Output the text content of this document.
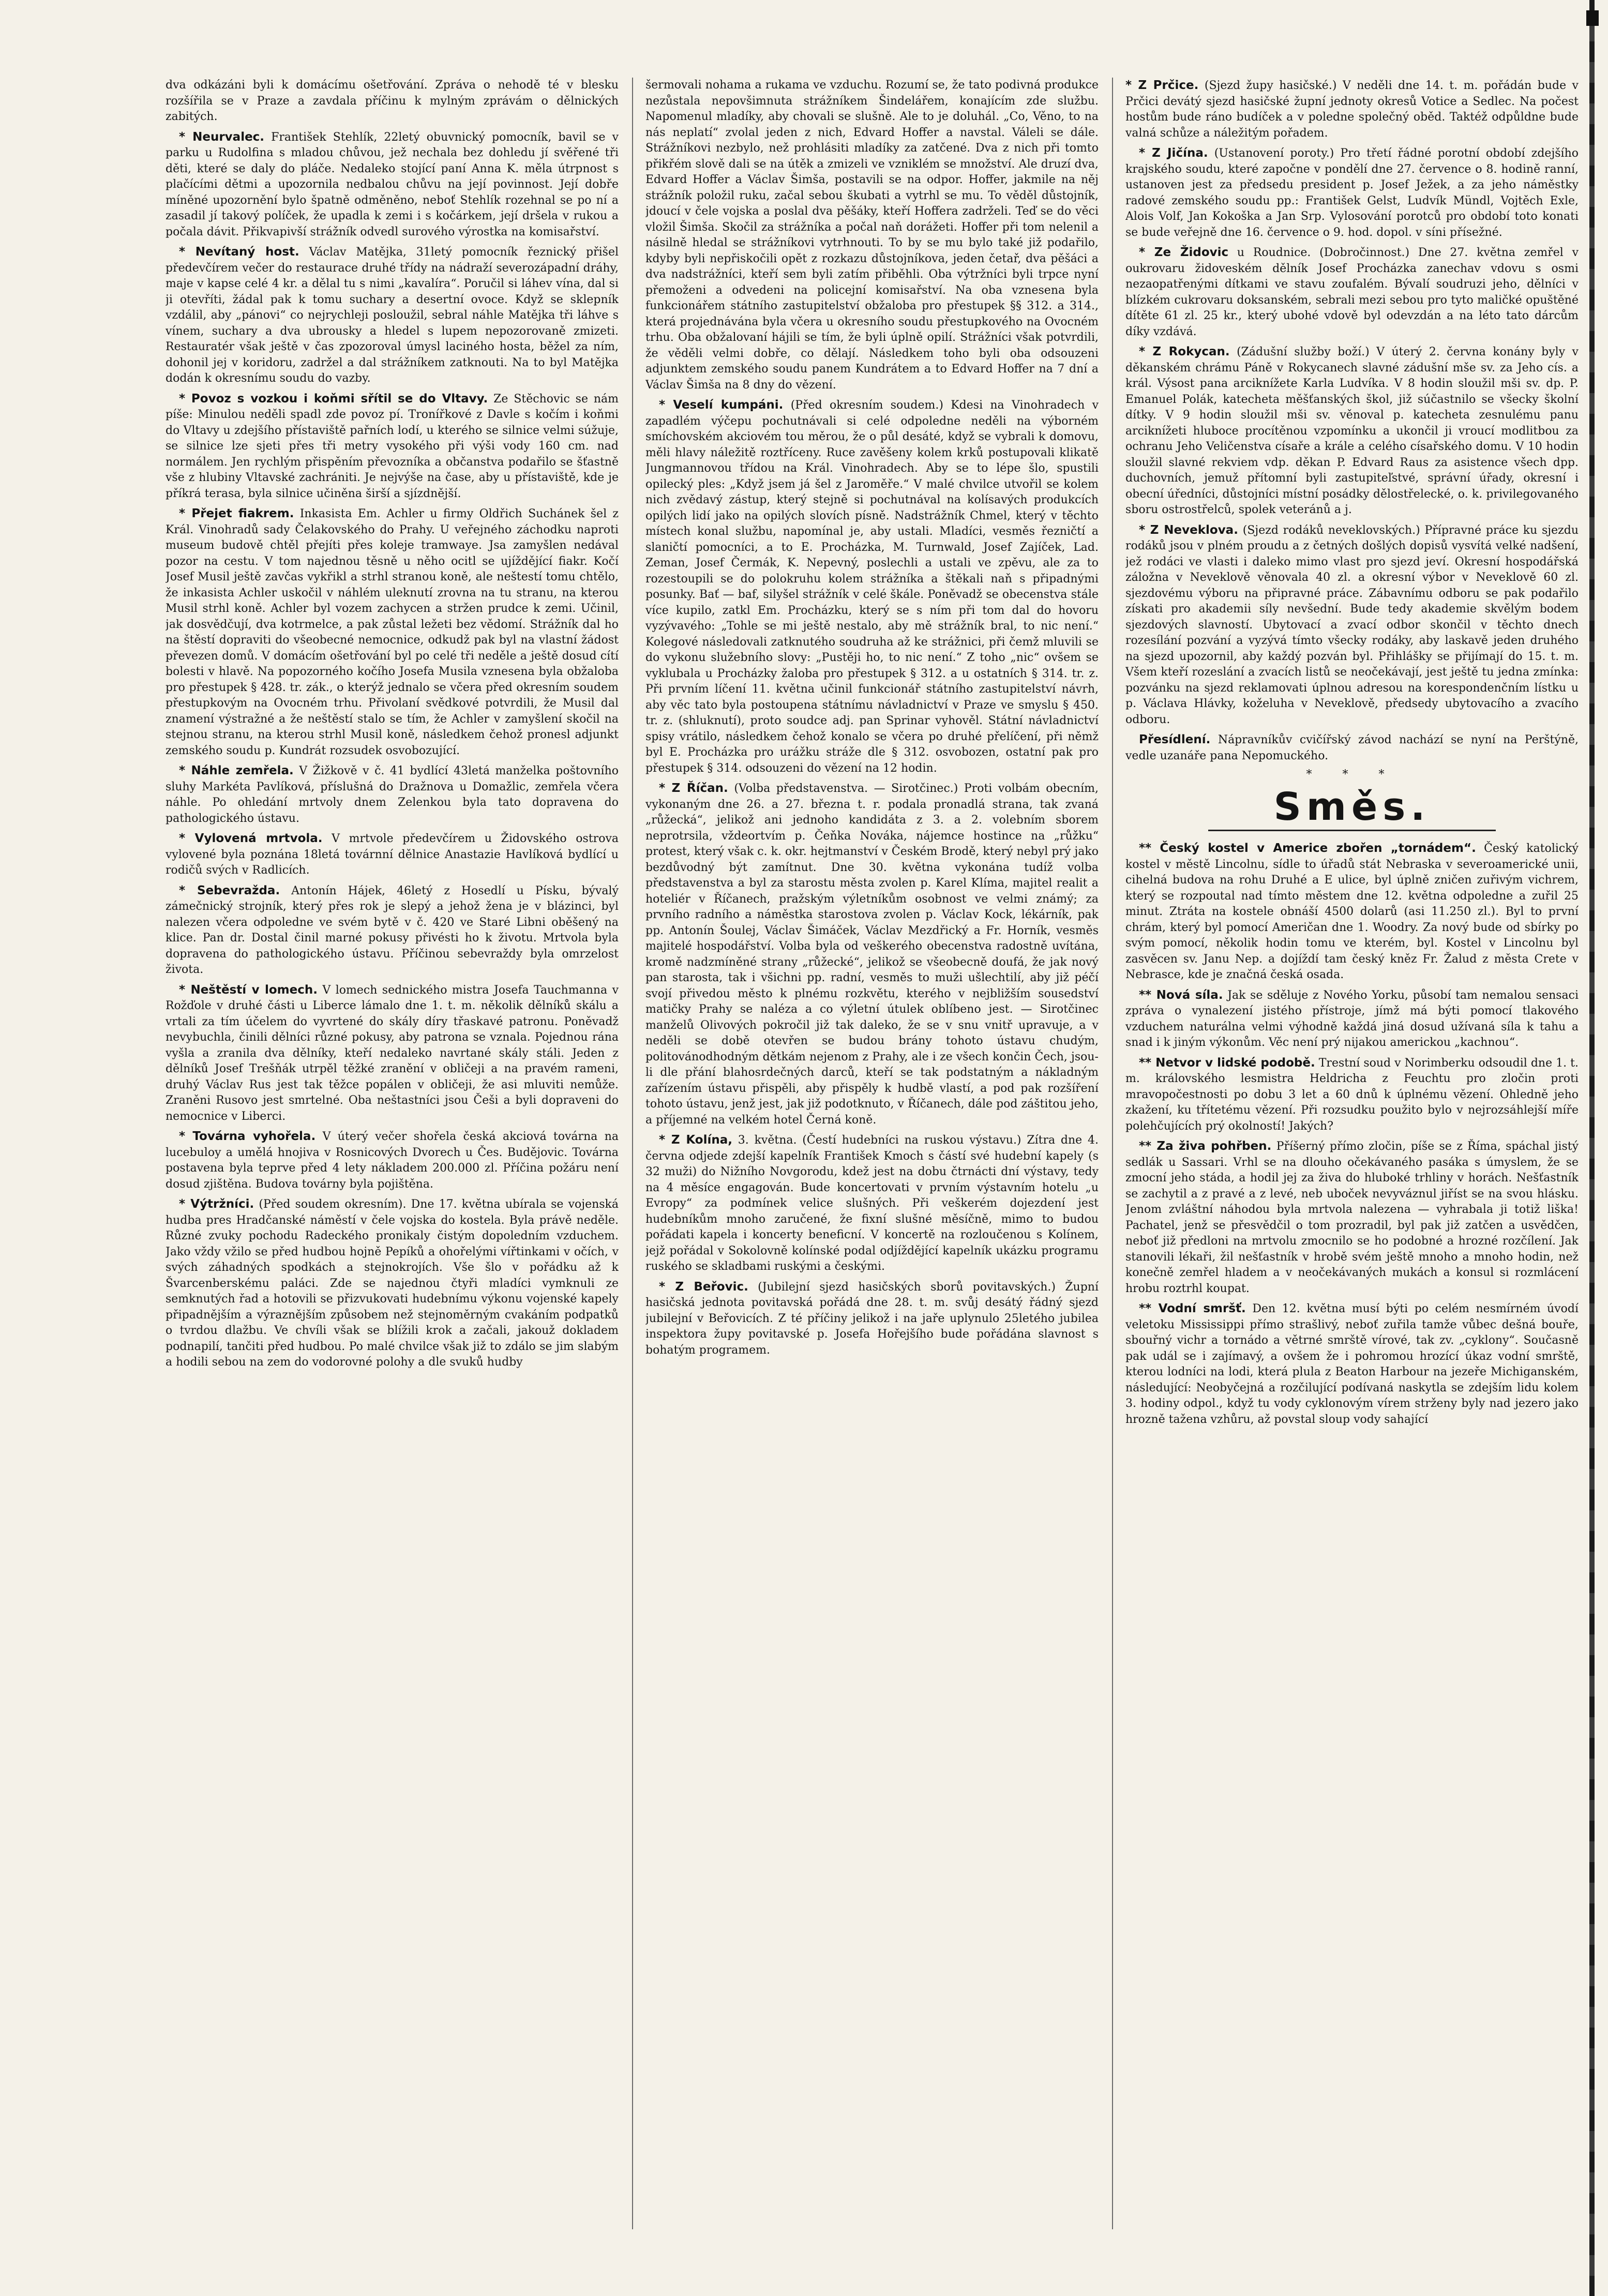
dva odkázáni byli k domácímu ošetřování. Zpráva o nehodě té v blesku rozšířila se v Praze a zavdala příčinu k mylným zprávám o dělnických zabitých.

* Neurvalec. František Stehlík, 22letý obuvnický pomocník, bavil se v parku u Rudolfina s mladou chůvou, jež nechala bez dohledu jí svěřené tři děti, které se daly do pláče. Nedaleko stojící paní Anna K. měla útrpnost s plačícími dětmi a upozornila nedbalou chůvu na její povinnost. Její dobře míněné upozornění bylo špatně odměněno, neboť Stehlík rozehnal se po ní a zasadil jí takový políček, že upadla k zemi i s kočárkem, její dršela v rukou a počala dávit. Přikvapivší strážník odvedl surového výrostka na komisařství.

* Nevítaný host. Václav Matějka, 31letý pomocník řeznický přišel předevčírem večer do restaurace druhé třídy na nádraží severozápadní dráhy, maje v kapse celé 4 kr. a dělal tu s nimi „kavalíra“. Poručil si láhev vína, dal si ji otevříti, žádal pak k tomu suchary a desertní ovoce. Když se sklepník vzdálil, aby „pánovi“ co nejrychleji posloužil, sebral náhle Matějka tři láhve s vínem, suchary a dva ubrousky a hledel s lupem nepozorovaně zmizeti. Restauratér však ještě v čas zpozoroval úmysl laciného hosta, běžel za ním, dohonil jej v koridoru, zadržel a dal strážníkem zatknouti. Na to byl Matějka dodán k okresnímu soudu do vazby.

* Povoz s vozkou i koňmi sřítil se do Vltavy. Ze Stěchovic se nám píše: Minulou neděli spadl zde povoz pí. Tronířkové z Davle s kočím i koňmi do Vltavy u zdejšího přístaviště pařních lodí, u kterého se silnice velmi súžuje, se silnice lze sjeti přes tři metry vysokého při výši vody 160 cm. nad normálem. Jen rychlým přispěním převozníka a občanstva podařilo se šťastně vše z hlubiny Vltavské zachrániti. Je nejvýše na čase, aby u přístaviště, kde je příkrá terasa, byla silnice učiněna širší a sjízdnější.

* Přejet fiakrem. Inkasista Em. Achler u firmy Oldřich Suchánek šel z Král. Vinohradů sady Čelakovského do Prahy. U veřejného záchodku naproti museum budově chtěl přejíti přes koleje tramwaye. Jsa zamyšlen nedával pozor na cestu. V tom najednou těsně u něho ocitl se ujíždějící fiakr. Kočí Josef Musil ještě zavčas vykřikl a strhl stranou koně, ale neštestí tomu chtělo, že inkasista Achler uskočil v náhlém uleknutí zrovna na tu stranu, na kterou Musil strhl koně. Achler byl vozem zachycen a stržen prudce k zemi. Učinil, jak dosvědčují, dva kotrmelce, a pak zůstal ležeti bez vědomí. Strážník dal ho na štěstí dopraviti do všeobecné nemocnice, odkudž pak byl na vlastní žádost převezen domů. V domácím ošetřování byl po celé tři neděle a ještě dosud cítí bolesti v hlavě. Na popozorného kočího Josefa Musila vznesena byla obžaloba pro přestupek § 428. tr. zák., o kterýž jednalo se včera před okresním soudem přestupkovým na Ovocném trhu. Přivolaní svědkové potvrdili, že Musil dal znamení výstražné a že neštěstí stalo se tím, že Achler v zamyšlení skočil na stejnou stranu, na kterou strhl Musil koně, následkem čehož pronesl adjunkt zemského soudu p. Kundrát rozsudek osvobozující.

* Náhle zemřela. V Žižkově v č. 41 bydlící 43letá manželka poštovního sluhy Markéta Pavlíková, příslušná do Dražnova u Domažlic, zemřela včera náhle. Po ohledání mrtvoly dnem Zelenkou byla tato dopravena do pathologického ústavu.

* Vylovená mrtvola. V mrtvole předevčírem u Židovského ostrova vylovené byla poznána 18letá továrnní dělnice Anastazie Havlíková bydlící u rodičů svých v Radlicích.

* Sebevražda. Antonín Hájek, 46letý z Hosedlí u Písku, bývalý zámečnický strojník, který přes rok je slepý a jehož žena je v blázinci, byl nalezen včera odpoledne ve svém bytě v č. 420 ve Staré Libni oběšený na klice. Pan dr. Dostal činil marné pokusy přivésti ho k životu. Mrtvola byla dopravena do pathologického ústavu. Příčinou sebevraždy byla omrzelost života.

* Neštěstí v lomech. V lomech sednického mistra Josefa Tauchmanna v Rožďole v druhé části u Liberce lámalo dne 1. t. m. několik dělníků skálu a vrtali za tím účelem do vyvrtené do skály díry třaskavé patronu. Poněvadž nevybuchla, činili dělníci různé pokusy, aby patrona se vznala. Pojednou rána vyšla a zranila dva dělníky, kteří nedaleko navrtané skály stáli. Jeden z dělníků Josef Trešňák utrpěl těžké zranění v obličeji a na pravém rameni, druhý Václav Rus jest tak těžce popálen v obličeji, že asi mluviti nemůže. Zraněni Rusovo jest smrtelné. Oba neštastníci jsou Češi a byli dopraveni do nemocnice v Liberci.

* Továrna vyhořela. V úterý večer shořela česká akciová továrna na lucebuloy a umělá hnojiva v Rosnicových Dvorech u Čes. Budějovic. Továrna postavena byla teprve před 4 lety nákladem 200.000 zl. Příčina požáru není dosud zjištěna. Budova továrny byla pojištěna.

* Výtržníci. (Před soudem okresním). Dne 17. května ubírala se vojenská hudba pres Hradčanské náměstí v čele vojska do kostela. Byla právě neděle. Různé zvuky pochodu Radeckého pronikaly čistým dopoledním vzduchem. Jako vždy vžilo se před hudbou hojně Pepíků a ohořelými vířtinkami v očích, v svých záhadných spodkách a stejnokrojích. Vše šlo v pořádku až k Švarcenberskému paláci. Zde se najednou čtyři mladíci vymknuli ze semknutých řad a hotovili se přizvukovati hudebnímu výkonu vojenské kapely připadnějším a výraznějším způsobem než stejnoměrným cvakáním podpatků o tvrdou dlažbu. Ve chvíli však se blížili krok a začali, jakouž dokladem podnapilí, tančiti před hudbou. Po malé chvilce však již to zdálo se jim slabým a hodili sebou na zem do vodorovné polohy a dle svuků hudby

šermovali nohama a rukama ve vzduchu. Rozumí se, že tato podivná produkce nezůstala nepovšimnuta strážníkem Šindelářem, konajícím zde službu. Napomenul mladíky, aby chovali se slušně. Ale to je doluhál. „Co, Věno, to na nás neplatí“ zvolal jeden z nich, Edvard Hoffer a navstal. Váleli se dále. Strážníkovi nezbylo, než prohlásiti mladíky za zatčené. Dva z nich při tomto přikřém slově dali se na útěk a zmizeli ve vzniklém se množství. Ale druzí dva, Edvard Hoffer a Václav Šimša, postavili se na odpor. Hoffer, jakmile na něj strážník položil ruku, začal sebou škubati a vytrhl se mu. To věděl důstojník, jdoucí v čele vojska a poslal dva pěšáky, kteří Hoffera zadrželi. Teď se do věci vložil Šimša. Skočil za strážníka a počal naň dorážeti. Hoffer při tom nelenil a násilně hledal se strážníkovi vytrhnouti. To by se mu bylo také již podařilo, kdyby byli nepřiskočili opět z rozkazu důstojníkova, jeden četař, dva pěšáci a dva nadstrážníci, kteří sem byli zatím přiběhli. Oba výtržníci byli trpce nyní přemoženi a odvedeni na policejní komisařství. Na oba vznesena byla funkcionářem státního zastupitelství obžaloba pro přestupek §§ 312. a 314., která projednávána byla včera u okresního soudu přestupkového na Ovocném trhu. Oba obžalovaní hájili se tím, že byli úplně opilí. Strážníci však potvrdili, že věděli velmi dobře, co dělají. Následkem toho byli oba odsouzeni adjunktem zemského soudu panem Kundrátem a to Edvard Hoffer na 7 dní a Václav Šimša na 8 dny do vězení.

* Veselí kumpáni. (Před okresním soudem.) Kdesi na Vinohradech v zapadlém výčepu pochutnávali si celé odpoledne neděli na výborném smíchovském akciovém tou měrou, že o půl desáté, když se vybrali k domovu, měli hlavy náležitě roztříceny. Ruce zavěšeny kolem krků postupovali klikatě Jungmannovou třídou na Král. Vinohradech. Aby se to lépe šlo, spustili opilecký ples: „Když jsem já šel z Jaroměře.“ V malé chvilce utvořil se kolem nich zvědavý zástup, který stejně si pochutnával na kolísavých produkcích opilých lidí jako na opilých slovích písně. Nadstrážník Chmel, který v těchto místech konal službu, napomínal je, aby ustali. Mladíci, vesměs řezničtí a slaničtí pomocníci, a to E. Procházka, M. Turnwald, Josef Zajíček, Lad. Zeman, Josef Čermák, K. Nepevný, poslechli a ustali ve zpěvu, ale za to rozestoupili se do polokruhu kolem strážníka a štěkali naň s připadnými posunky. Bať — baf, silyšel strážník v celé škále. Poněvadž se obecenstva stále více kupilo, zatkl Em. Procházku, který se s ním při tom dal do hovoru vyzývavého: „Tohle se mi ještě nestalo, aby mě strážník bral, to nic není.“ Kolegové následovali zatknutého soudruha až ke strážnici, při čemž mluvili se do vykonu služebního slovy: „Pustěji ho, to nic není.“ Z toho „nic“ ovšem se vyklubala u Procházky žaloba pro přestupek § 312. a u ostatních § 314. tr. z. Při prvním líčení 11. května učinil funkcionář státního zastupitelství návrh, aby věc tato byla postoupena státnímu návladnictví v Praze ve smyslu § 450. tr. z. (shluknutí), proto soudce adj. pan Sprinar vyhověl. Státní návladnictví spisy vrátilo, následkem čehož konalo se včera po druhé přelíčení, při němž byl E. Procházka pro urážku stráže dle § 312. osvobozen, ostatní pak pro přestupek § 314. odsouzeni do vězení na 12 hodin.

* Z Říčan. (Volba představenstva. — Sirotčinec.) Proti volbám obecním, vykonaným dne 26. a 27. března t. r. podala pronadlá strana, tak zvaná „růžecká“, jelikož ani jednoho kandidáta z 3. a 2. volebním sborem neprotrsila, vždeortvím p. Čeňka Nováka, nájemce hostince na „růžku“ protest, který však c. k. okr. hejtmanství v Českém Brodě, který nebyl prý jako bezdůvodný být zamítnut. Dne 30. května vykonána tudíž volba představenstva a byl za starostu města zvolen p. Karel Klíma, majitel realit a hoteliér v Říčanech, pražským výletníkům osobnost ve velmi známý; za prvního radního a náměstka starostova zvolen p. Václav Kock, lékárník, pak pp. Antonín Šoulej, Václav Šimáček, Václav Mezdřický a Fr. Horník, vesměs majitelé hospodářství. Volba byla od veškerého obecenstva radostně uvítána, kromě nadzmíněné strany „růžecké“, jelikož se všeobecně doufá, že jak nový pan starosta, tak i všichni pp. radní, vesměs to muži ušlechtilí, aby již péčí svojí přivedou město k plnému rozkvětu, kterého v nejbližším sousedství matičky Prahy se naléza a co výletní útulek oblíbeno jest. — Sirotčinec manželů Olivových pokročil již tak daleko, že se v snu vnitř upravuje, a v neděli se době otevřen se budou brány tohoto ústavu chudým, politovánodhodným dětkám nejenom z Prahy, ale i ze všech končin Čech, jsou-li dle přání blahosrdečných darců, kteří se tak podstatným a nákladným zařízením ústavu přispěli, aby přispěly k hudbě vlastí, a pod pak rozšíření tohoto ústavu, jenž jest, jak již podotknuto, v Říčanech, dále pod záštitou jeho, a příjemné na velkém hotel Černá koně.

* Z Kolína, 3. května. (Čestí hudebníci na ruskou výstavu.) Zítra dne 4. června odjede zdejší kapelník František Kmoch s částí své hudební kapely (s 32 muži) do Nižního Novgorodu, kdež jest na dobu čtrnácti dní výstavy, tedy na 4 měsíce engagován. Bude koncertovati v prvním výstavním hotelu „u Evropy“ za podmínek velice slušných. Při veškerém dojezdení jest hudebníkům mnoho zaručené, že fixní slušné měsíčně, mimo to budou pořádati kapela i koncerty beneficní. V koncertě na rozloučenou s Kolínem, jejž pořádal v Sokolovně kolínské podal odjíždějící kapelník ukázku programu ruského se skladbami ruskými a českými.

* Z Beřovic. (Jubilejní sjezd hasičských sborů povitavských.) Župní hasičská jednota povitavská pořádá dne 28. t. m. svůj desátý řádný sjezd jubilejní v Beřovicích. Z té příčiny jelikož i na jaře uplynulo 25letého jubilea inspektora župy povitavské p. Josefa Hořejšího bude pořádána slavnost s bohatým programem.

* Z Prčice. (Sjezd župy hasičské.) V neděli dne 14. t. m. pořádán bude v Prčici devátý sjezd hasičské župní jednoty okresů Votice a Sedlec. Na počest hostům bude ráno budíček a v poledne společný oběd. Taktéž odpůldne bude valná schůze a náležitým pořadem.

* Z Jičína. (Ustanovení poroty.) Pro třetí řádné porotní období zdejšího krajského soudu, které započne v pondělí dne 27. července o 8. hodině ranní, ustanoven jest za předsedu president p. Josef Ježek, a za jeho náměstky radové zemského soudu pp.: František Gelst, Ludvík Mündl, Vojtěch Exle, Alois Volf, Jan Kokoška a Jan Srp. Vylosování porotců pro období toto konati se bude veřejně dne 16. července o 9. hod. dopol. v síni přísežné.

* Ze Židovic u Roudnice. (Dobročinnost.) Dne 27. května zemřel v oukrovaru židoveském dělník Josef Procházka zanechav vdovu s osmi nezaopatřenými dítkami ve stavu zoufalém. Bývalí soudruzi jeho, dělníci v blízkém cukrovaru doksanském, sebrali mezi sebou pro tyto maličké opuštěné dítěte 61 zl. 25 kr., který ubohé vdově byl odevzdán a na léto tato dárcům díky vzdává.

* Z Rokycan. (Zádušní služby boží.) V úterý 2. června konány byly v děkanském chrámu Páně v Rokycanech slavné zádušní mše sv. za Jeho cís. a král. Výsost pana arciknížete Karla Ludvíka. V 8 hodin sloužil mši sv. dp. P. Emanuel Polák, katecheta měšťanských škol, již súčastnilo se všecky školní dítky. V 9 hodin sloužil mši sv. věnoval p. katecheta zesnulému panu arciknížeti hluboce procítěnou vzpomínku a ukončil ji vroucí modlitbou za ochranu Jeho Veličenstva císaře a krále a celého císařského domu. V 10 hodin sloužil slavné rekviem vdp. děkan P. Edvard Raus za asistence všech dpp. duchovních, jemuž přítomní byli zastupiteľstvé, správní úřady, okresní i obecní úředníci, důstojníci místní posádky dělostřelecké, o. k. privilegovaného sboru ostrostřelců, spolek veteránů a j.

* Z Neveklova. (Sjezd rodáků neveklovských.) Přípravné práce ku sjezdu rodáků jsou v plném proudu a z četných došlých dopisů vysvítá velké nadšení, jež rodáci ve vlasti i daleko mimo vlast pro sjezd jeví. Okresní hospodářská záložna v Neveklově věnovala 40 zl. a okresní výbor v Neveklově 60 zl. sjezdovému výboru na připravné práce. Zábavnímu odboru se pak podařilo získati pro akademii síly nevšední. Bude tedy akademie skvělým bodem sjezdových slavností. Ubytovací a zvací odbor skončil v těchto dnech rozesílání pozvání a vyzývá tímto všecky rodáky, aby laskavě jeden druhého na sjezd upozornil, aby každý pozván byl. Přihlášky se přijímají do 15. t. m. Všem kteří rozeslání a zvacích listů se neočekávají, jest ještě tu jedna zmínka: pozvánku na sjezd reklamovati úplnou adresou na korespondenčním lístku u p. Václava Hlávky, koželuha v Neveklově, předsedy ubytovacího a zvacího odboru.

Přesídlení. Nápravníkův cvičířský závod nachází se nyní na Perštýně, vedle uzanáře pana Nepomuckého.

* * *
Směs.

** Český kostel v Americe zbořen „tornádem“. Český katolický kostel v městě Lincolnu, sídle to úřadů stát Nebraska v severoamerické unii, cihelná budova na rohu Druhé a E ulice, byl úplně zničen zuřivým vichrem, který se rozpoutal nad tímto městem dne 12. května odpoledne a zuřil 25 minut. Ztráta na kostele obnáší 4500 dolarů (asi 11.250 zl.). Byl to první chrám, který byl pomocí Američan dne 1. Woodry. Za nový bude od sbírky po svým pomocí, několik hodin tomu ve kterém, byl. Kostel v Lincolnu byl zasvěcen sv. Janu Nep. a dojíždí tam český kněz Fr. Žalud z města Crete v Nebrasce, kde je značná česká osada.

** Nová síla. Jak se sděluje z Nového Yorku, působí tam nemalou sensaci zpráva o vynalezení jistého přístroje, jímž má býti pomocí tlakového vzduchem naturálna velmi výhodně každá jiná dosud užívaná síla k tahu a snad i k jiným výkonům. Věc není prý nijakou americkou „kachnou“.

** Netvor v lidské podobě. Trestní soud v Norimberku odsoudil dne 1. t. m. královského lesmistra Heldricha z Feuchtu pro zločin proti mravopočestnosti po dobu 3 let a 60 dnů k úplnému vězení. Ohledně jeho zkažení, ku třítetému vězení. Při rozsudku použito bylo v nejrozsáhlejší míře polehčujících prý okolností! Jakých?

** Za živa pohřben. Příšerný přímo zločin, píše se z Říma, spáchal jistý sedlák u Sassari. Vrhl se na dlouho očekávaného pasáka s úmyslem, že se zmocní jeho stáda, a hodil jej za živa do hluboké trhliny v horách. Nešťastník se zachytil a z pravé a z levé, neb uboček nevyváznul jiříst se na svou hlásku. Jenom zvláštní náhodou byla mrtvola nalezena — vyhrabala ji totiž liška! Pachatel, jenž se přesvědčil o tom prozradil, byl pak již zatčen a usvědčen, neboť již předloni na mrtvolu zmocnilo se ho podobné a hrozné rozčílení. Jak stanovili lékaři, žil nešťastník v hrobě svém ještě mnoho a mnoho hodin, než konečně zemřel hladem a v neočekávaných mukách a konsul si rozmlácení hrobu roztrhl koupat.

** Vodní smršť. Den 12. května musí býti po celém nesmírném úvodí veletoku Mississippi přímo strašlivý, neboť zuřila tamže vůbec dešná bouře, sbouřný vichr a tornádo a větrné smrště vírové, tak zv. „cyklony“. Současně pak udál se i zajímavý, a ovšem že i pohromou hrozící úkaz vodní smrště, kterou lodníci na lodi, která plula z Beaton Harbour na jezeře Michiganském, následující: Neobyčejná a rozčilující podívaná naskytla se zdejším lidu kolem 3. hodiny odpol., když tu vody cyklonovým vírem strženy byly nad jezero jako hrozně tažena vzhůru, až povstal sloup vody sahající
